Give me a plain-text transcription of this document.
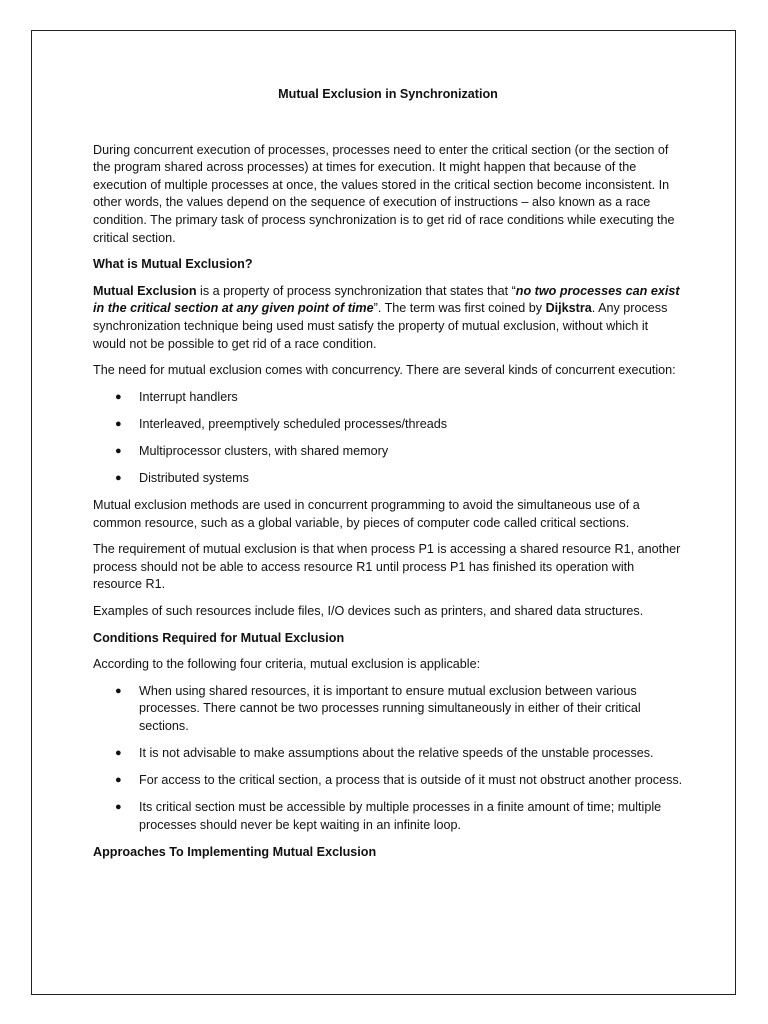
Mutual Exclusion in Synchronization

During concurrent execution of processes, processes need to enter the critical section (or the section of the program shared across processes) at times for execution. It might happen that because of the execution of multiple processes at once, the values stored in the critical section become inconsistent. In other words, the values depend on the sequence of execution of instructions – also known as a race condition. The primary task of process synchronization is to get rid of race conditions while executing the critical section.

What is Mutual Exclusion?

Mutual Exclusion is a property of process synchronization that states that “no two processes can exist in the critical section at any given point of time”. The term was first coined by Dijkstra. Any process synchronization technique being used must satisfy the property of mutual exclusion, without which it would not be possible to get rid of a race condition.

The need for mutual exclusion comes with concurrency. There are several kinds of concurrent execution:

● Interrupt handlers
● Interleaved, preemptively scheduled processes/threads
● Multiprocessor clusters, with shared memory
● Distributed systems

Mutual exclusion methods are used in concurrent programming to avoid the simultaneous use of a common resource, such as a global variable, by pieces of computer code called critical sections.

The requirement of mutual exclusion is that when process P1 is accessing a shared resource R1, another process should not be able to access resource R1 until process P1 has finished its operation with resource R1.

Examples of such resources include files, I/O devices such as printers, and shared data structures.

Conditions Required for Mutual Exclusion

According to the following four criteria, mutual exclusion is applicable:

● When using shared resources, it is important to ensure mutual exclusion between various processes. There cannot be two processes running simultaneously in either of their critical sections.
● It is not advisable to make assumptions about the relative speeds of the unstable processes.
● For access to the critical section, a process that is outside of it must not obstruct another process.
● Its critical section must be accessible by multiple processes in a finite amount of time; multiple processes should never be kept waiting in an infinite loop.

Approaches To Implementing Mutual Exclusion
